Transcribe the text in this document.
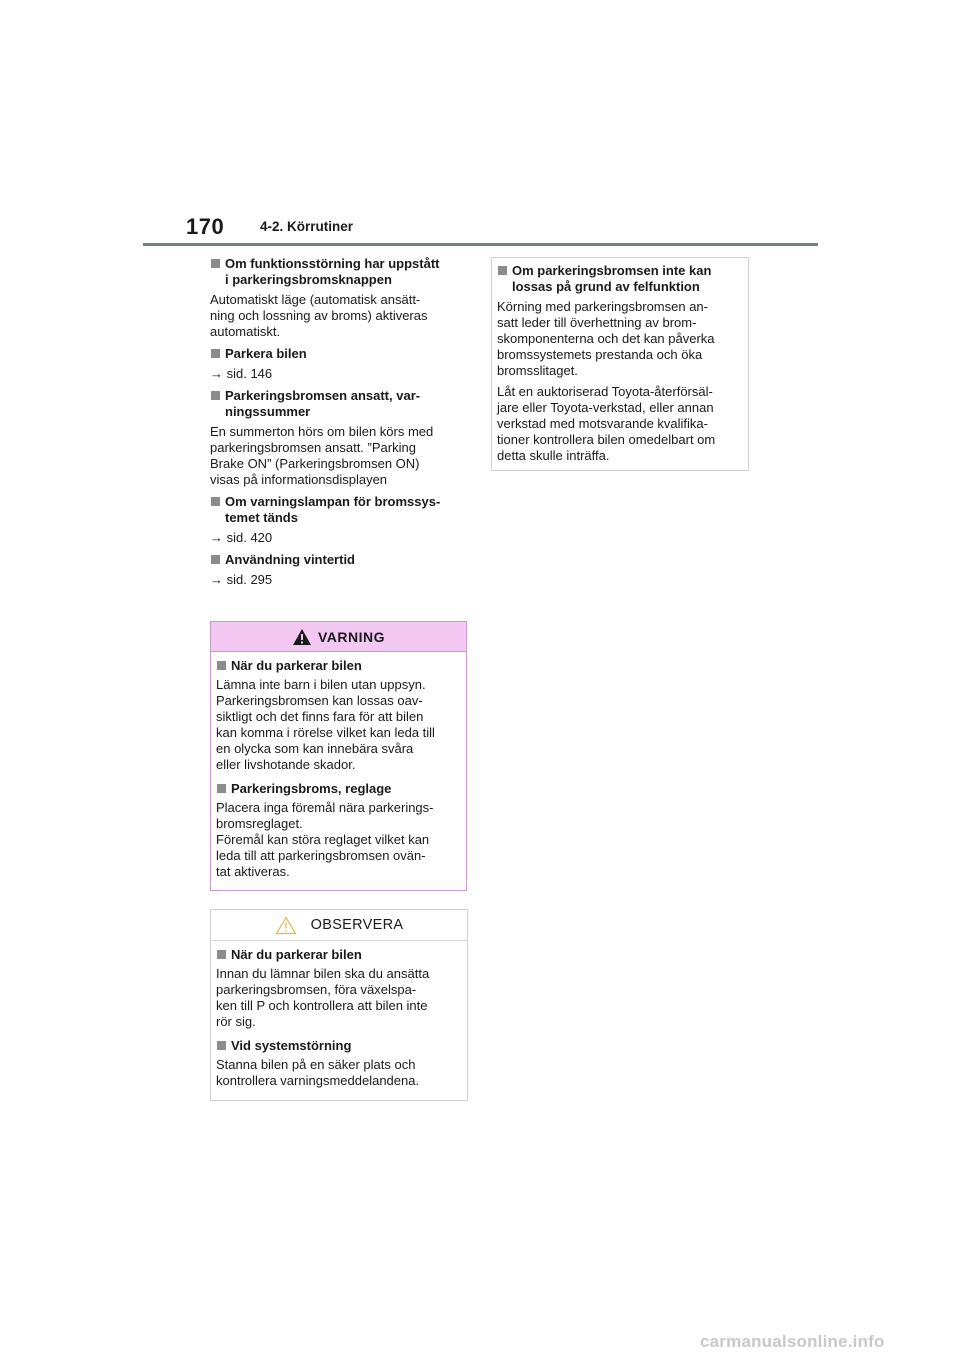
170	4-2. Körrutiner
Om funktionsstörning har uppstått
i parkeringsbromsknappen
Automatiskt läge (automatisk ansätt-
ning och lossning av broms) aktiveras
automatiskt.
Parkera bilen
→ sid. 146
Parkeringsbromsen ansatt, var-
ningssummer
En summerton hörs om bilen körs med
parkeringsbromsen ansatt. ”Parking
Brake ON” (Parkeringsbromsen ON)
visas på informationsdisplayen
Om varningslampan för bromssys-
temet tänds
→ sid. 420
Användning vintertid
→ sid. 295
VARNING
När du parkerar bilen
Lämna inte barn i bilen utan uppsyn.
Parkeringsbromsen kan lossas oav-
siktligt och det finns fara för att bilen
kan komma i rörelse vilket kan leda till
en olycka som kan innebära svåra
eller livshotande skador.
Parkeringsbroms, reglage
Placera inga föremål nära parkerings-
bromsreglaget.
Föremål kan störa reglaget vilket kan
leda till att parkeringsbromsen ovän-
tat aktiveras.
OBSERVERA
När du parkerar bilen
Innan du lämnar bilen ska du ansätta
parkeringsbromsen, föra växelspa-
ken till P och kontrollera att bilen inte
rör sig.
Vid systemstörning
Stanna bilen på en säker plats och
kontrollera varningsmeddelandena.
Om parkeringsbromsen inte kan
lossas på grund av felfunktion
Körning med parkeringsbromsen an-
satt leder till överhettning av brom-
skomponenterna och det kan påverka
bromssystemets prestanda och öka
bromsslitaget.
Låt en auktoriserad Toyota-återförsäl-
jare eller Toyota-verkstad, eller annan
verkstad med motsvarande kvalifika-
tioner kontrollera bilen omedelbart om
detta skulle inträffa.
carmanualsonline.info
